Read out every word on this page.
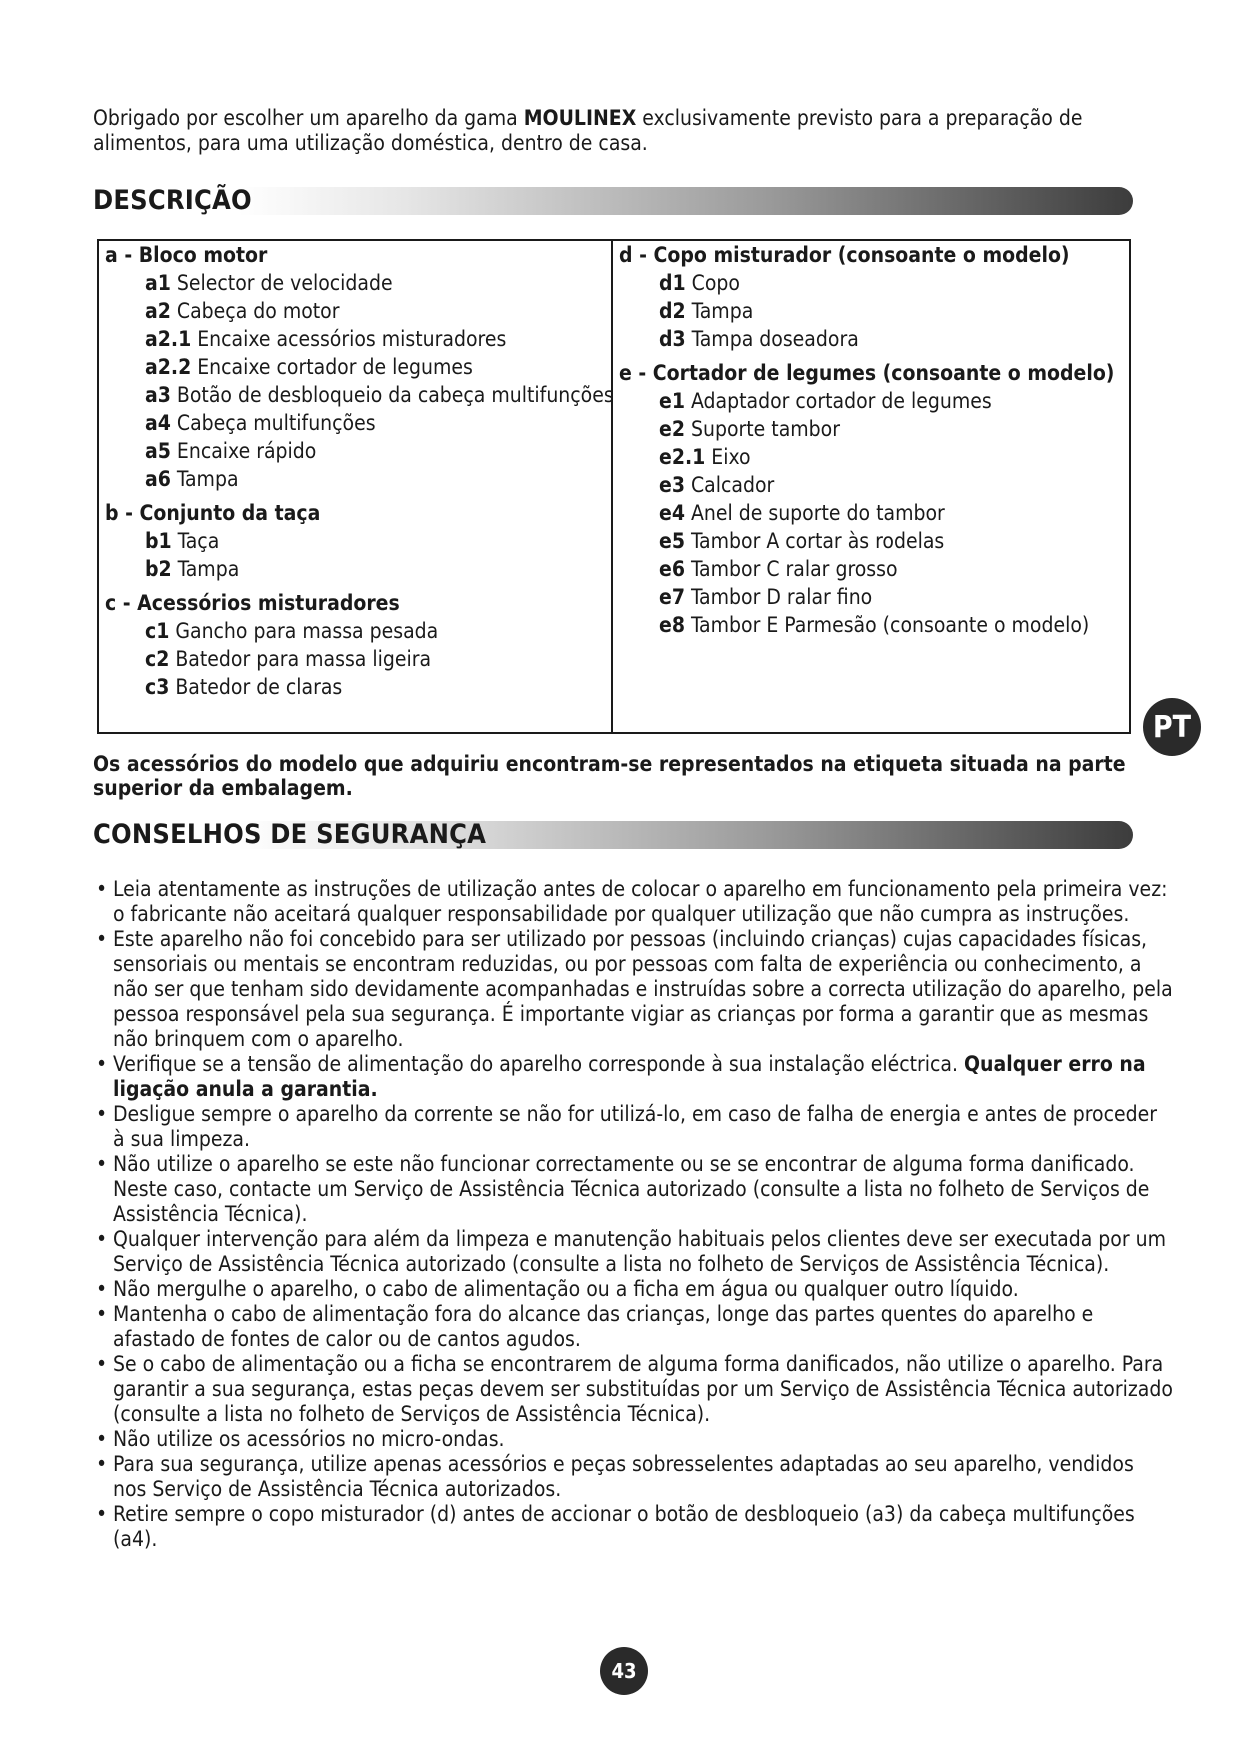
Obrigado por escolher um aparelho da gama MOULINEX exclusivamente previsto para a preparação de alimentos, para uma utilização doméstica, dentro de casa.
DESCRIÇÃO
a - Bloco motor
a1 Selector de velocidade
a2 Cabeça do motor
a2.1 Encaixe acessórios misturadores
a2.2 Encaixe cortador de legumes
a3 Botão de desbloqueio da cabeça multifunções
a4 Cabeça multifunções
a5 Encaixe rápido
a6 Tampa
b - Conjunto da taça
b1 Taça
b2 Tampa
c - Acessórios misturadores
c1 Gancho para massa pesada
c2 Batedor para massa ligeira
c3 Batedor de claras
d - Copo misturador (consoante o modelo)
d1 Copo
d2 Tampa
d3 Tampa doseadora
e - Cortador de legumes (consoante o modelo)
e1 Adaptador cortador de legumes
e2 Suporte tambor
e2.1 Eixo
e3 Calcador
e4 Anel de suporte do tambor
e5 Tambor A cortar às rodelas
e6 Tambor C ralar grosso
e7 Tambor D ralar fino
e8 Tambor E Parmesão (consoante o modelo)
PT
Os acessórios do modelo que adquiriu encontram-se representados na etiqueta situada na parte superior da embalagem.
CONSELHOS DE SEGURANÇA
• Leia atentamente as instruções de utilização antes de colocar o aparelho em funcionamento pela primeira vez: o fabricante não aceitará qualquer responsabilidade por qualquer utilização que não cumpra as instruções.
• Este aparelho não foi concebido para ser utilizado por pessoas (incluindo crianças) cujas capacidades físicas, sensoriais ou mentais se encontram reduzidas, ou por pessoas com falta de experiência ou conhecimento, a não ser que tenham sido devidamente acompanhadas e instruídas sobre a correcta utilização do aparelho, pela pessoa responsável pela sua segurança. É importante vigiar as crianças por forma a garantir que as mesmas não brinquem com o aparelho.
• Verifique se a tensão de alimentação do aparelho corresponde à sua instalação eléctrica. Qualquer erro na ligação anula a garantia.
• Desligue sempre o aparelho da corrente se não for utilizá-lo, em caso de falha de energia e antes de proceder à sua limpeza.
• Não utilize o aparelho se este não funcionar correctamente ou se se encontrar de alguma forma danificado. Neste caso, contacte um Serviço de Assistência Técnica autorizado (consulte a lista no folheto de Serviços de Assistência Técnica).
• Qualquer intervenção para além da limpeza e manutenção habituais pelos clientes deve ser executada por um Serviço de Assistência Técnica autorizado (consulte a lista no folheto de Serviços de Assistência Técnica).
• Não mergulhe o aparelho, o cabo de alimentação ou a ficha em água ou qualquer outro líquido.
• Mantenha o cabo de alimentação fora do alcance das crianças, longe das partes quentes do aparelho e afastado de fontes de calor ou de cantos agudos.
• Se o cabo de alimentação ou a ficha se encontrarem de alguma forma danificados, não utilize o aparelho. Para garantir a sua segurança, estas peças devem ser substituídas por um Serviço de Assistência Técnica autorizado (consulte a lista no folheto de Serviços de Assistência Técnica).
• Não utilize os acessórios no micro-ondas.
• Para sua segurança, utilize apenas acessórios e peças sobresselentes adaptadas ao seu aparelho, vendidos nos Serviço de Assistência Técnica autorizados.
• Retire sempre o copo misturador (d) antes de accionar o botão de desbloqueio (a3) da cabeça multifunções (a4).
43
